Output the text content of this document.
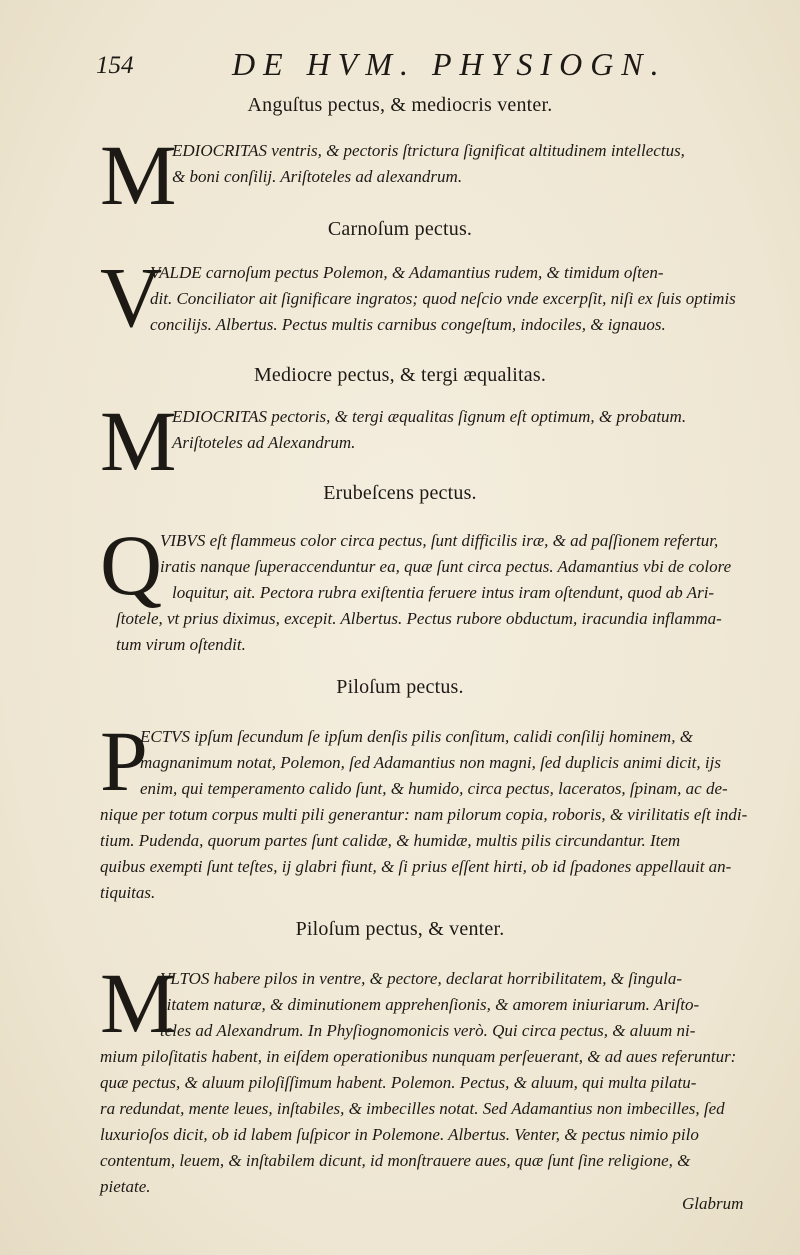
154	DE HVM. PHYSIOGN.
Anguſtus pectus, & mediocris venter.
M
EDIOCRITAS ventris, & pectoris ſtrictura ſignificat altitudinem intellectus,
& boni conſilij. Ariſtoteles ad alexandrum.
Carnoſum pectus.
V
VALDE carnoſum pectus Polemon, & Adamantius rudem, & timidum oſten-
dit. Conciliator ait ſignificare ingratos; quod neſcio vnde excerpſit, niſi ex ſuis optimis
concilijs. Albertus. Pectus multis carnibus congeſtum, indociles, & ignauos.
Mediocre pectus, & tergi æqualitas.
M
EDIOCRITAS pectoris, & tergi æqualitas ſignum eſt optimum, & probatum.
Ariſtoteles ad Alexandrum.
Erubeſcens pectus.
Q
VIBVS eſt flammeus color circa pectus, ſunt difficilis iræ, & ad paſſionem refertur,
iratis nanque ſuperaccenduntur ea, quæ ſunt circa pectus. Adamantius vbi de colore
loquitur, ait. Pectora rubra exiſtentia feruere intus iram oſtendunt, quod ab Ari-
ſtotele, vt prius diximus, excepit. Albertus. Pectus rubore obductum, iracundia inflamma-
tum virum oſtendit.
Piloſum pectus.
P
ECTVS ipſum ſecundum ſe ipſum denſis pilis conſitum, calidi conſilij hominem, &
magnanimum notat, Polemon, ſed Adamantius non magni, ſed duplicis animi dicit, ijs
enim, qui temperamento calido ſunt, & humido, circa pectus, laceratos, ſpinam, ac de-
nique per totum corpus multi pili generantur: nam pilorum copia, roboris, & virilitatis eſt indi-
tium. Pudenda, quorum partes ſunt calidæ, & humidæ, multis pilis circundantur. Item
quibus exempti ſunt teſtes, ij glabri fiunt, & ſi prius eſſent hirti, ob id ſpadones appellauit an-
tiquitas.
Piloſum pectus, & venter.
M
VLTOS habere pilos in ventre, & pectore, declarat horribilitatem, & ſingula-
ritatem naturæ, & diminutionem apprehenſionis, & amorem iniuriarum. Ariſto-
teles ad Alexandrum. In Phyſiognomonicis verò. Qui circa pectus, & aluum ni-
mium piloſitatis habent, in eiſdem operationibus nunquam perſeuerant, & ad aues referuntur:
quæ pectus, & aluum piloſiſſimum habent. Polemon. Pectus, & aluum, qui multa pilatu-
ra redundat, mente leues, inſtabiles, & imbecilles notat. Sed Adamantius non imbecilles, ſed
luxurioſos dicit, ob id labem ſuſpicor in Polemone. Albertus. Venter, & pectus nimio pilo
contentum, leuem, & inſtabilem dicunt, id monſtrauere aues, quæ ſunt ſine religione, &
pietate.
Glabrum
